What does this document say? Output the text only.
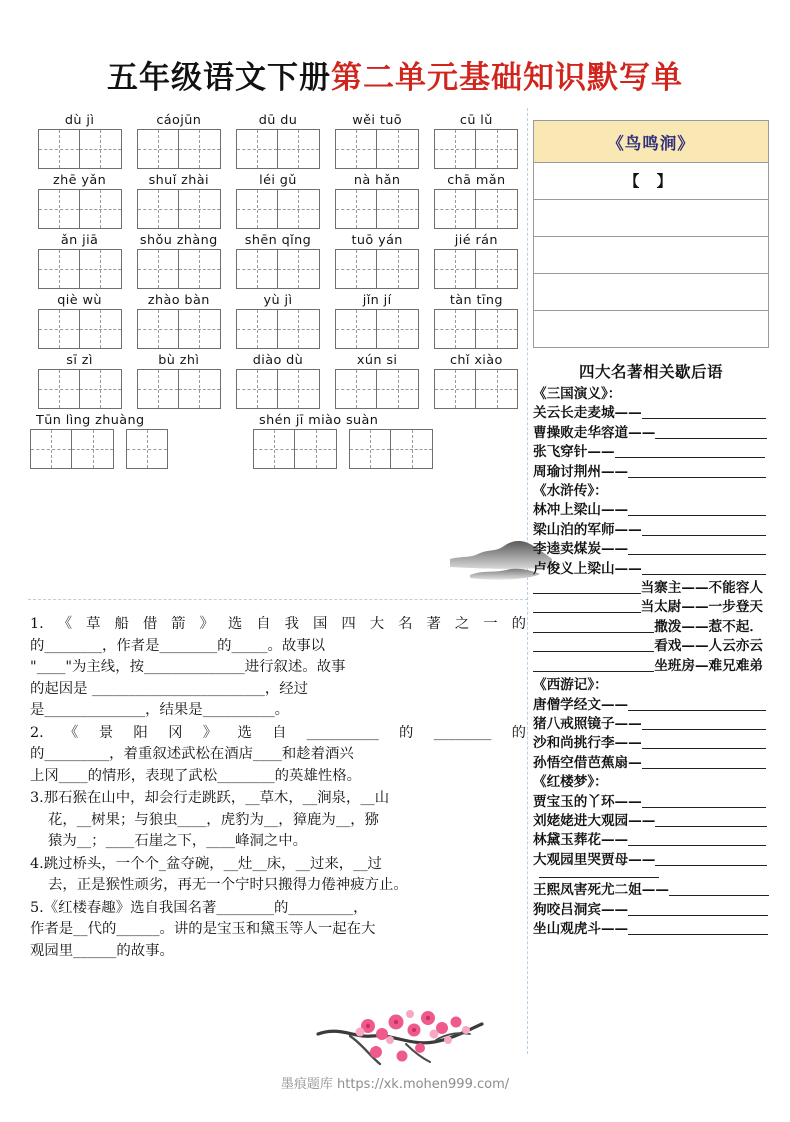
五年级语文下册第二单元基础知识默写单
dù jì	cáojūn	dū du	wěi tuō	cū lǔ
zhē yǎn	shuǐ zhài	léi gǔ	nà hǎn	chā mǎn
ǎn jiā	shǒu zhàng	shēn qǐng	tuō yán	jié rán
qiè wù	zhào bàn	yù jì	jǐn jí	tàn tīng
sī zì	bù zhì	diào dù	xún si	chǐ xiào
Tūn lìng zhuàng	shén jī miào suàn
1.《草船借箭》选自我国四大名著之一的
的________，作者是________的_____。故事以
"____"为主线，按______________进行叙述。故事
的起因是 ________________________，经过
是______________，结果是__________。
2.《景阳冈》选自__________的________的
的_________，着重叙述武松在酒店____和趁着酒兴
上冈____的情形，表现了武松________的英雄性格。
3.那石猴在山中，却会行走跳跃，__草木，__涧泉，__山
花，__树果；与狼虫____，虎豹为__，獐鹿为__，猕
猿为__；____石崖之下，____峰洞之中。
4.跳过桥头，一个个_盆夺碗，__灶__床，__过来，__过
去，正是猴性顽劣，再无一个宁时只搬得力倦神疲方止。
5.《红楼春趣》选自我国名著________的_________，
作者是__代的______。讲的是宝玉和黛玉等人一起在大
观园里______的故事。
《鸟鸣涧》
【 】
四大名著相关歇后语
《三国演义》：
关云长走麦城——
曹操败走华容道——
张飞穿针——
周瑜讨荆州——
《水浒传》：
林冲上梁山——
梁山泊的军师——
李逵卖煤炭——
卢俊义上梁山——
当寨主——不能容人
当太尉——一步登天
撒泼——惹不起．
看戏——人云亦云
坐班房—难兄难弟
《西游记》：
唐僧学经文——
猪八戒照镜子——
沙和尚挑行李——
孙悟空借芭蕉扇—
《红楼梦》：
贾宝玉的丫环——
刘姥姥进大观园——
林黛玉葬花——
大观园里哭贾母——
王熙凤害死尤二姐——
狗咬吕洞宾——
坐山观虎斗——
墨痕题库 https://xk.mohen999.com/
